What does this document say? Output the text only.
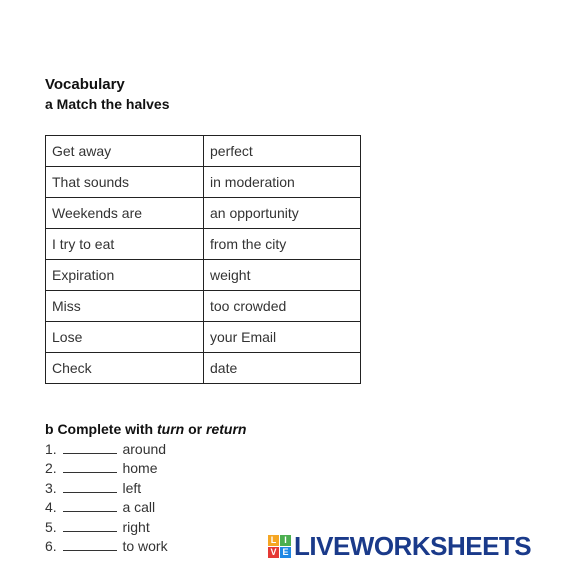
Vocabulary
a Match the halves
Get away	perfect
That sounds	in moderation
Weekends are	an opportunity
I try to eat	from the city
Expiration	weight
Miss	too crowded
Lose	your Email
Check	date
b Complete with turn or return
1.	around
2.	home
3.	left
4.	a call
5.	right
6.	to work	L I
V E LIVEWORKSHEETS
